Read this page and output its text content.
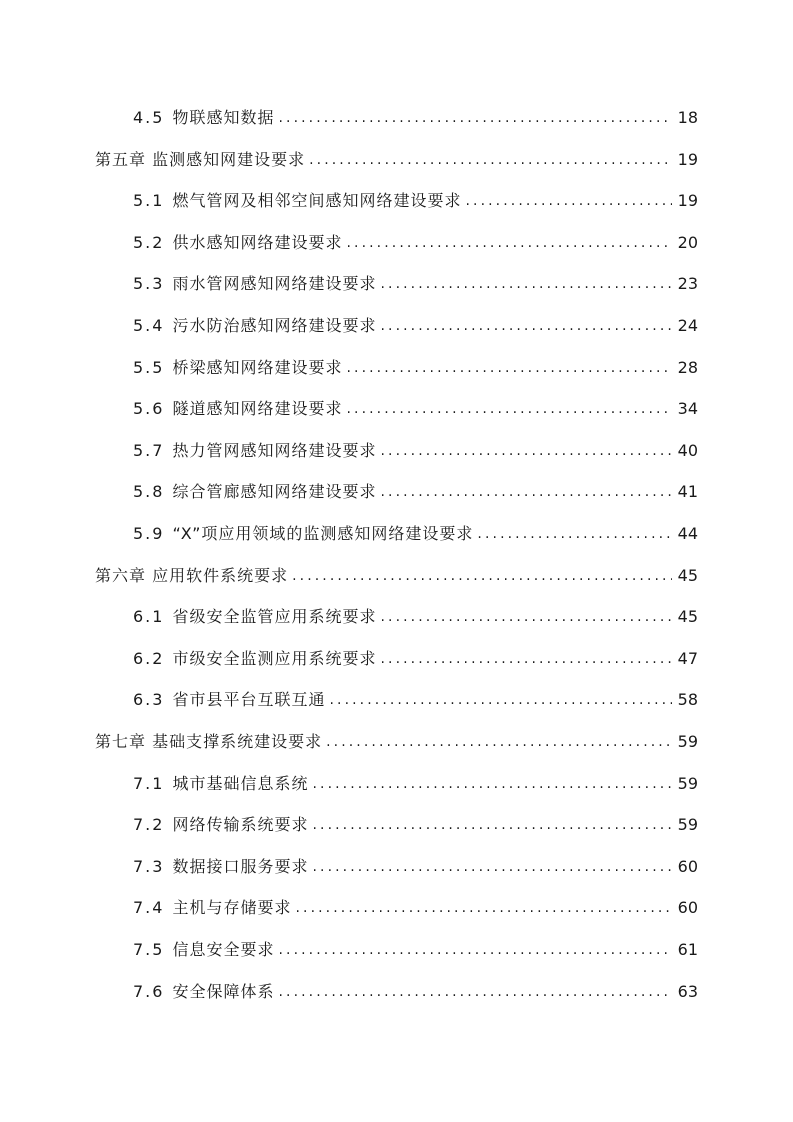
4.5 物联感知数据 .....	18
第五章 监测感知网建设要求 .....	19
5.1 燃气管网及相邻空间感知网络建设要求 .....	19
5.2 供水感知网络建设要求 .....	20
5.3 雨水管网感知网络建设要求 .....	23
5.4 污水防治感知网络建设要求 .....	24
5.5 桥梁感知网络建设要求 .....	28
5.6 隧道感知网络建设要求 .....	34
5.7 热力管网感知网络建设要求 .....	40
5.8 综合管廊感知网络建设要求 .....	41
5.9 “X”项应用领域的监测感知网络建设要求 .....	44
第六章 应用软件系统要求 .....	45
6.1 省级安全监管应用系统要求 .....	45
6.2 市级安全监测应用系统要求 .....	47
6.3 省市县平台互联互通 .....	58
第七章 基础支撑系统建设要求 .....	59
7.1 城市基础信息系统 .....	59
7.2 网络传输系统要求 .....	59
7.3 数据接口服务要求 .....	60
7.4 主机与存储要求 .....	60
7.5 信息安全要求 .....	61
7.6 安全保障体系 .....	63
